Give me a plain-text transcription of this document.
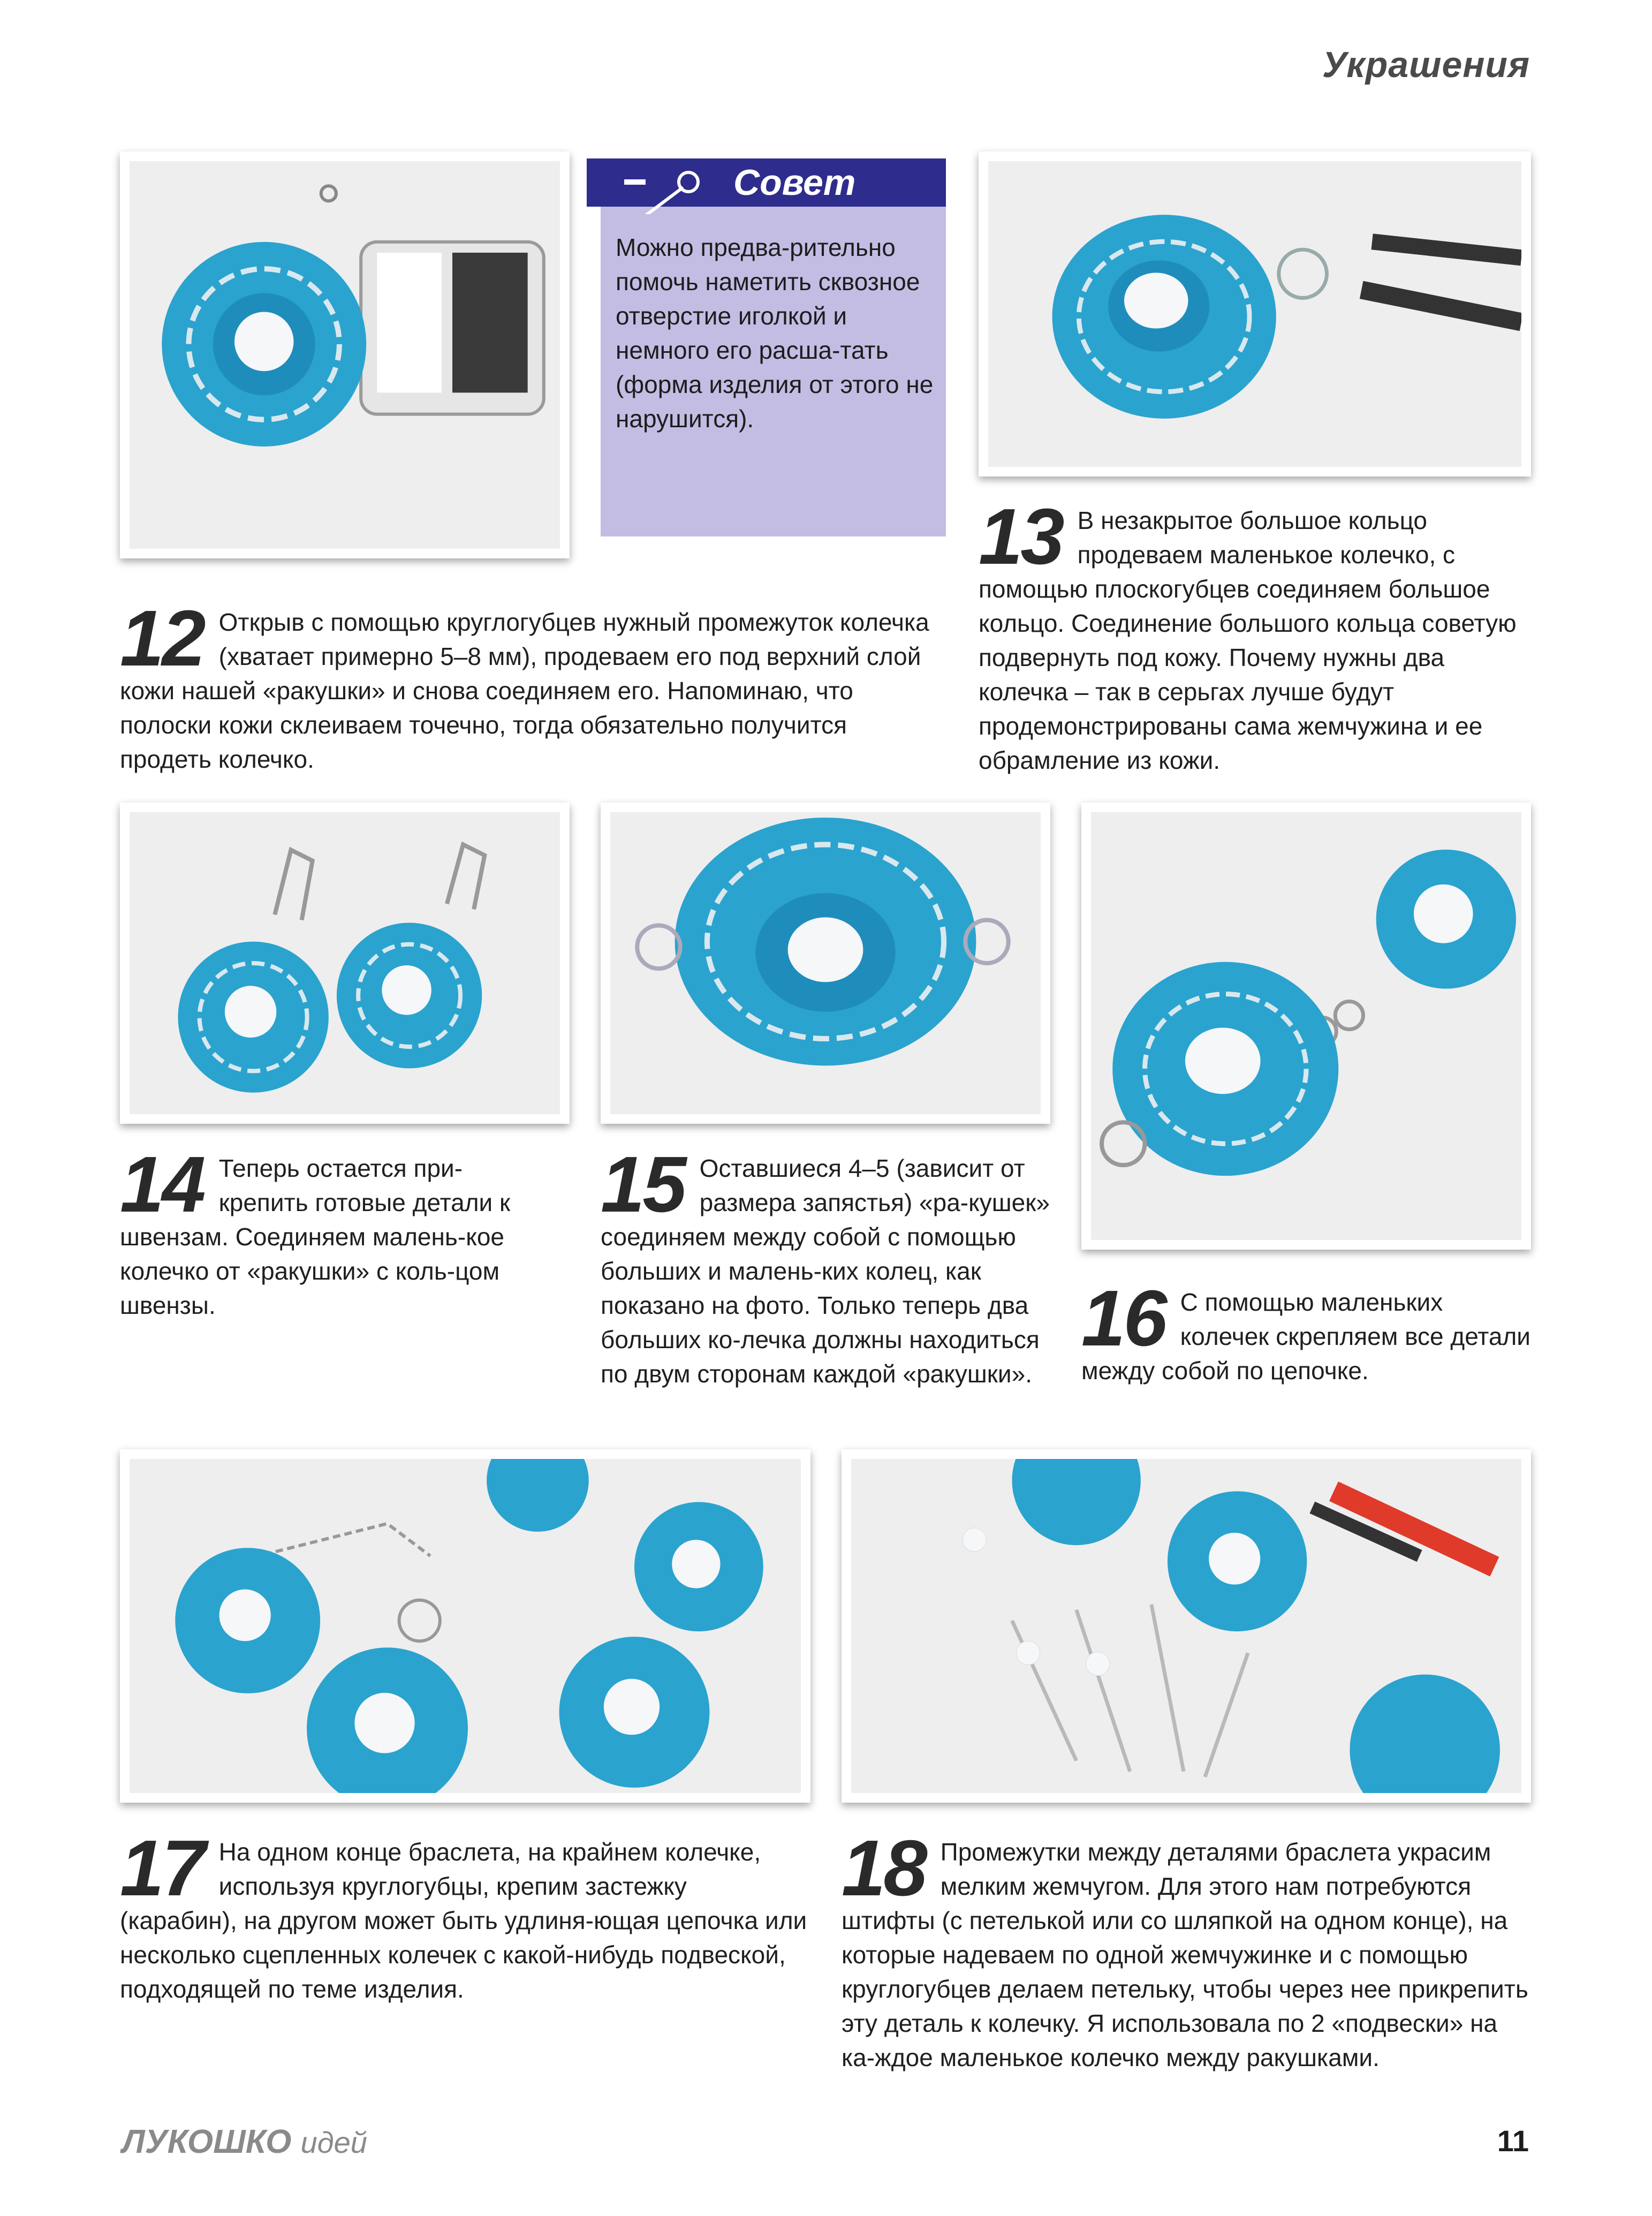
Украшения
Совет
Можно предва-рительно помочь наметить сквозное отверстие иголкой и немного его расша-тать (форма изделия от этого не нарушится).
12 Открыв с помощью круглогубцев нужный промежуток колечка (хватает примерно 5–8 мм), продеваем его под верхний слой кожи нашей «ракушки» и снова соединяем его. Напоминаю, что полоски кожи склеиваем точечно, тогда обязательно получится продеть колечко.
13 В незакрытое большое кольцо продеваем маленькое колечко, с помощью плоскогубцев соединяем большое кольцо. Соединение большого кольца советую подвернуть под кожу. Почему нужны два колечка – так в серьгах лучше будут продемонстрированы сама жемчужина и ее обрамление из кожи.
14 Теперь остается при-крепить готовые детали к швензам. Соединяем малень-кое колечко от «ракушки» с коль-цом швензы.
15 Оставшиеся 4–5 (зависит от размера запястья) «ра-кушек» соединяем между собой с помощью больших и малень-ких колец, как показано на фото. Только теперь два больших ко-лечка должны находиться по двум сторонам каждой «ракушки».
16 С помощью маленьких колечек скрепляем все детали между собой по цепочке.
17 На одном конце браслета, на крайнем колечке, используя круглогубцы, крепим застежку (карабин), на другом может быть удлиня-ющая цепочка или несколько сцепленных колечек с какой-нибудь подвеской, подходящей по теме изделия.
18 Промежутки между деталями браслета украсим мелким жемчугом. Для этого нам потребуются штифты (с петелькой или со шляпкой на одном конце), на которые надеваем по одной жемчужинке и с помощью круглогубцев делаем петельку, чтобы через нее прикрепить эту деталь к колечку. Я использовала по 2 «подвески» на ка-ждое маленькое колечко между ракушками.
ЛУКОШКО идей	11
